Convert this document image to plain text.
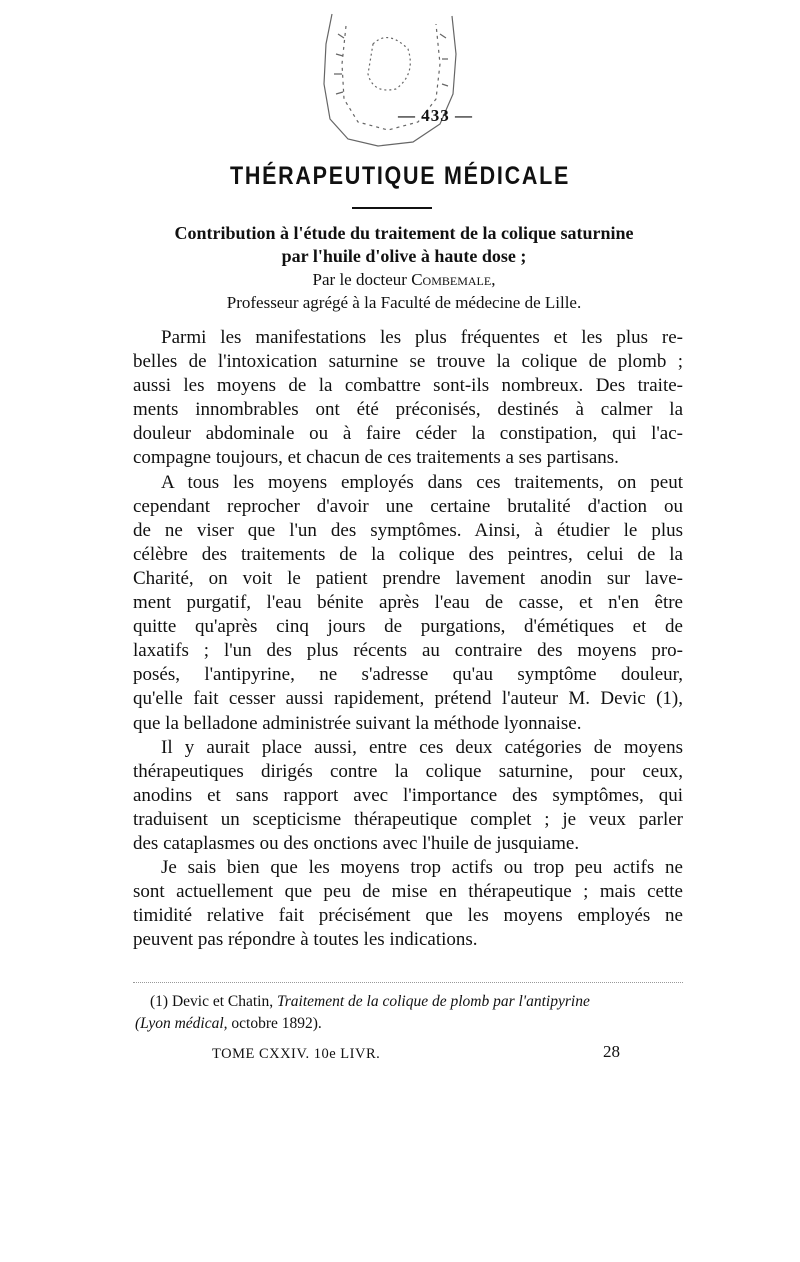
— 433 —
THÉRAPEUTIQUE MÉDICALE
Contribution à l'étude du traitement de la colique saturnine
par l'huile d'olive à haute dose ;
Par le docteur Combemale,
Professeur agrégé à la Faculté de médecine de Lille.
Parmi les manifestations les plus fréquentes et les plus re-
belles de l'intoxication saturnine se trouve la colique de plomb ;
aussi les moyens de la combattre sont-ils nombreux. Des traite-
ments innombrables ont été préconisés, destinés à calmer la
douleur abdominale ou à faire céder la constipation, qui l'ac-
compagne toujours, et chacun de ces traitements a ses partisans.
A tous les moyens employés dans ces traitements, on peut
cependant reprocher d'avoir une certaine brutalité d'action ou
de ne viser que l'un des symptômes. Ainsi, à étudier le plus
célèbre des traitements de la colique des peintres, celui de la
Charité, on voit le patient prendre lavement anodin sur lave-
ment purgatif, l'eau bénite après l'eau de casse, et n'en être
quitte qu'après cinq jours de purgations, d'émétiques et de
laxatifs ; l'un des plus récents au contraire des moyens pro-
posés, l'antipyrine, ne s'adresse qu'au symptôme douleur,
qu'elle fait cesser aussi rapidement, prétend l'auteur M. Devic (1),
que la belladone administrée suivant la méthode lyonnaise.
Il y aurait place aussi, entre ces deux catégories de moyens
thérapeutiques dirigés contre la colique saturnine, pour ceux,
anodins et sans rapport avec l'importance des symptômes, qui
traduisent un scepticisme thérapeutique complet ; je veux parler
des cataplasmes ou des onctions avec l'huile de jusquiame.
Je sais bien que les moyens trop actifs ou trop peu actifs ne
sont actuellement que peu de mise en thérapeutique ; mais cette
timidité relative fait précisément que les moyens employés ne
peuvent pas répondre à toutes les indications.
(1) Devic et Chatin, Traitement de la colique de plomb par l'antipyrine
(Lyon médical, octobre 1892).
TOME CXXIV. 10e LIVR.	28
